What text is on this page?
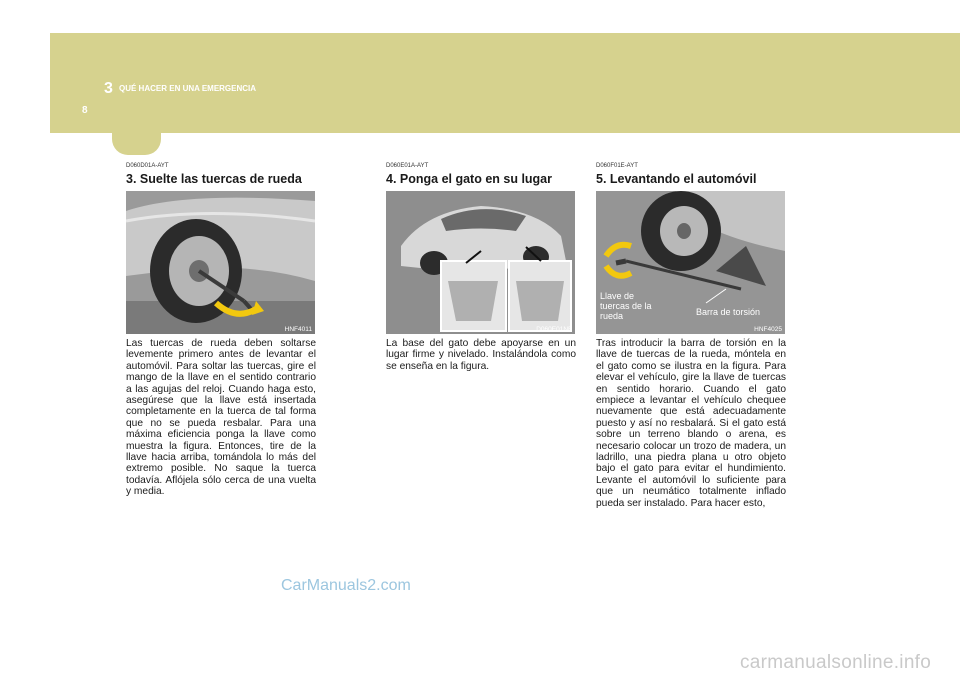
3 QUÉ HACER EN UNA EMERGENCIA
8
D060D01A-AYT
3. Suelte las tuercas de rueda
HNF4011
Las tuercas de rueda deben soltarse levemente primero antes de levantar el automóvil. Para soltar las tuercas, gire el mango de la llave en el sentido contrario a las agujas del reloj. Cuando haga esto, asegúrese que la llave está insertada completamente en la tuerca de tal forma que no se pueda resbalar. Para una máxima eficiencia ponga la llave como muestra la figura. Entonces, tire de la llave hacia arriba, tomándola lo más del extremo posible. No saque la tuerca todavía. Aflójela sólo cerca de una vuelta y media.
D060E01A-AYT
4. Ponga el gato en su lugar
D060E01NF
La base del gato debe apoyarse en un lugar firme y nivelado. Instalándola como se enseña en la figura.
D060F01E-AYT
5. Levantando el automóvil
Llave de tuercas de la rueda	Barra de torsión
HNF4025
Tras introducir la barra de torsión en la llave de tuercas de la rueda, móntela en el gato como se ilustra en la figura. Para elevar el vehículo, gire la llave de tuercas en sentido horario. Cuando el gato empiece a levantar el vehículo chequee nuevamente que está adecuadamente puesto y así no resbalará. Si el gato está sobre un terreno blando o arena, es necesario colocar un trozo de madera, un ladrillo, una piedra plana u otro objeto bajo el gato para evitar el hundimiento. Levante el automóvil lo suficiente para que un neumático totalmente inflado pueda ser instalado. Para hacer esto,
CarManuals2.com
carmanualsonline.info
